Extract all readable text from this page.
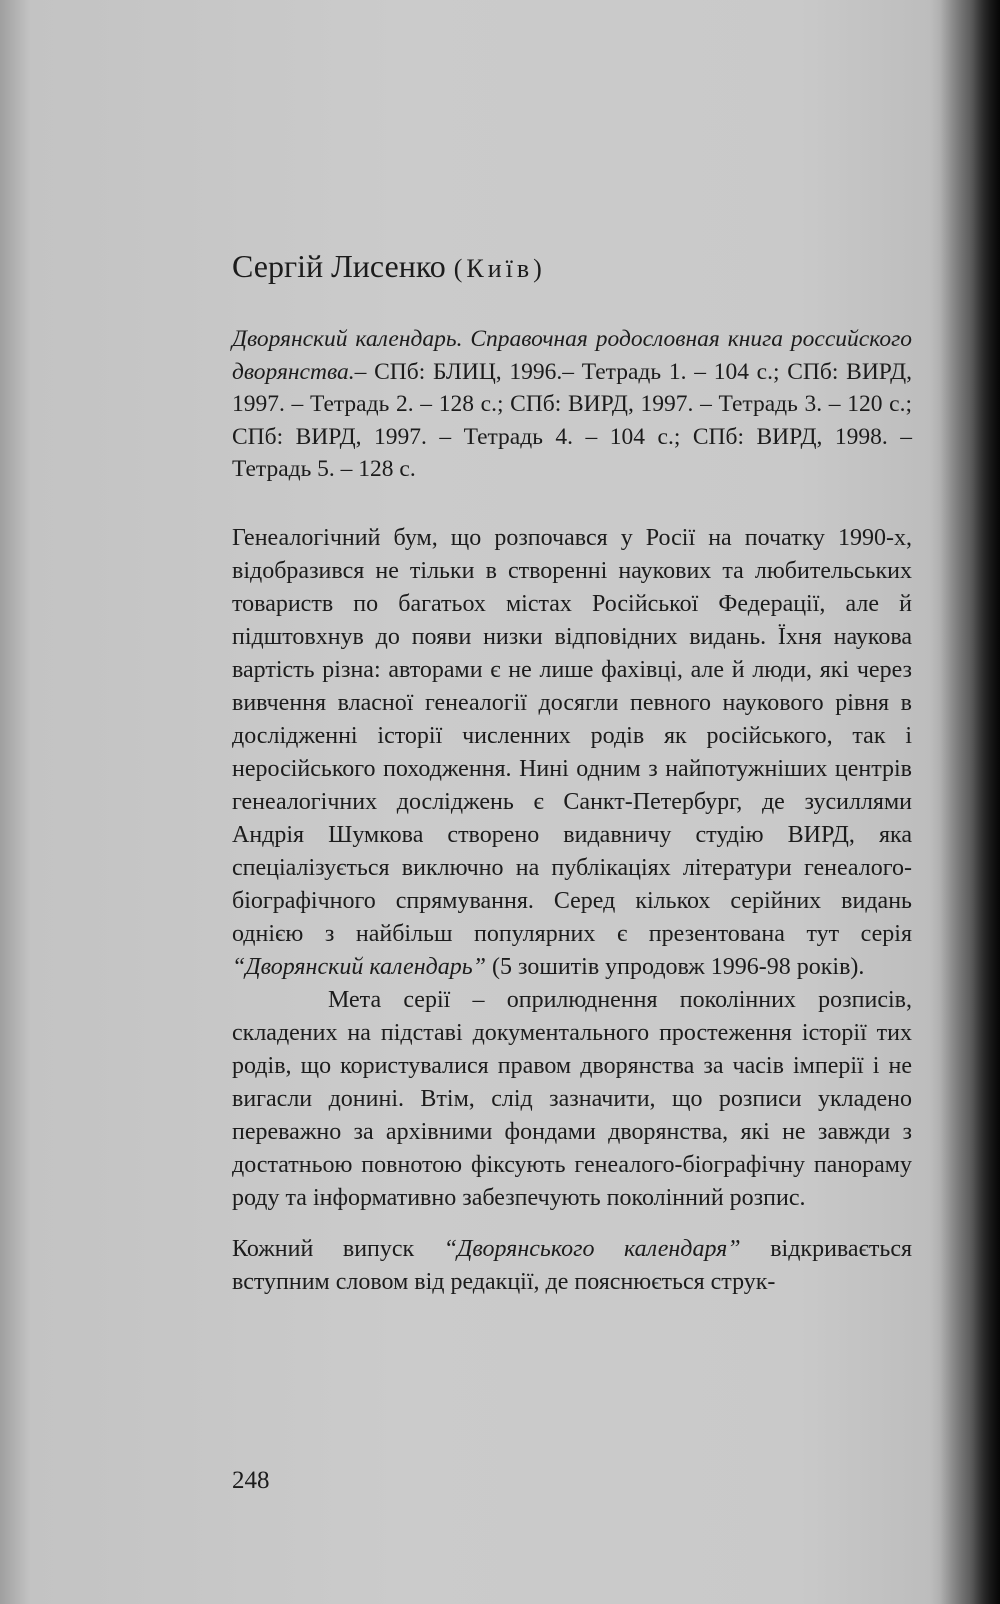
Сергій Лисенко (Київ)

Дворянский календарь. Справочная родословная книга российского дворянства.– СПб: БЛИЦ, 1996.– Тетрадь 1. – 104 с.; СПб: ВИРД, 1997. – Тетрадь 2. – 128 с.; СПб: ВИРД, 1997. – Тетрадь 3. – 120 с.; СПб: ВИРД, 1997. – Тетрадь 4. – 104 с.; СПб: ВИРД, 1998. – Тетрадь 5. – 128 с.

Генеалогічний бум, що розпочався у Росії на початку 1990-х, відобразився не тільки в створенні наукових та любительських товариств по багатьох містах Російської Федерації, але й підштовхнув до появи низки відповідних видань. Їхня наукова вартість різна: авторами є не лише фахівці, але й люди, які через вивчення власної генеалогії досягли певного наукового рівня в дослідженні історії численних родів як російського, так і неросійського походження. Нині одним з найпотужніших центрів генеалогічних досліджень є Санкт-Петербург, де зусиллями Андрія Шумкова створено видавничу студію ВИРД, яка спеціалізується виключно на публікаціях літератури генеалого-біографічного спрямування. Серед кількох серійних видань однією з найбільш популярних є презентована тут серія “Дворянский календарь” (5 зошитів упродовж 1996-98 років).

Мета серії – оприлюднення поколінних розписів, складених на підставі документального простеження історії тих родів, що користувалися правом дворянства за часів імперії і не вигасли донині. Втім, слід зазначити, що розписи укладено переважно за архівними фондами дворянства, які не завжди з достатньою повнотою фіксують генеалого-біографічну панораму роду та інформативно забезпечують поколінний розпис.

Кожний випуск “Дворянського календаря” відкривається вступним словом від редакції, де пояснюється струк-

248
